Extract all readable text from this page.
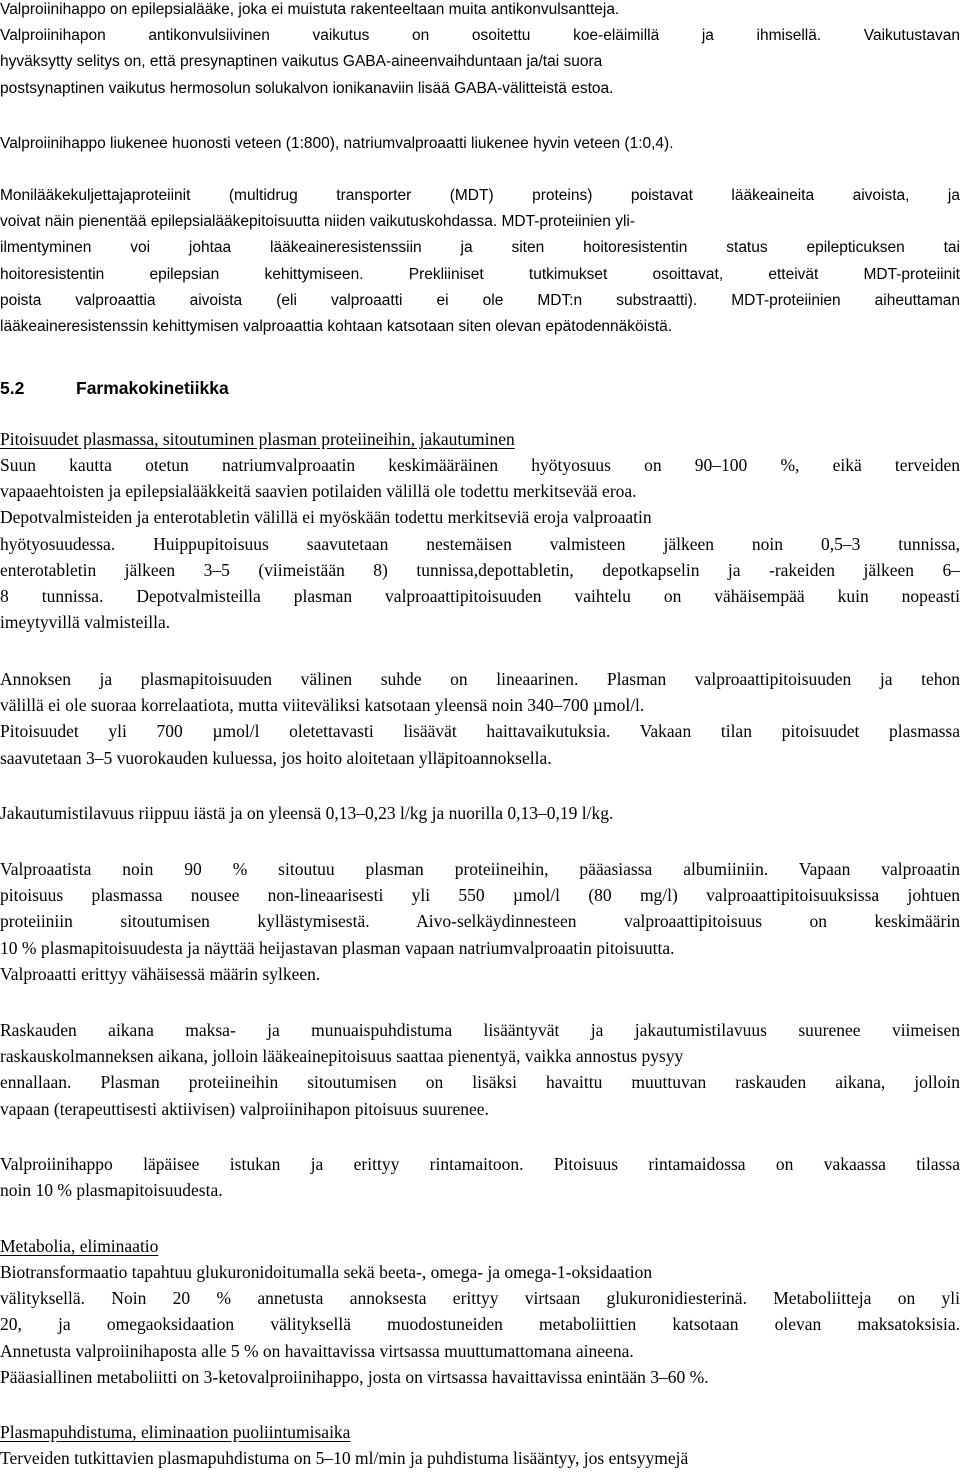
Valproiinihappo on epilepsialääke, joka ei muistuta rakenteeltaan muita antikonvulsantteja.
Valproiinihapon antikonvulsiivinen vaikutus on osoitettu koe-eläimillä ja ihmisellä. Vaikutustavan
hyväksytty selitys on, että presynaptinen vaikutus GABA-aineenvaihduntaan ja/tai suora
postsynaptinen vaikutus hermosolun solukalvon ionikanaviin lisää GABA-välitteistä estoa.
Valproiinihappo liukenee huonosti veteen (1:800), natriumvalproaatti liukenee hyvin veteen (1:0,4).
Monilääkekuljettajaproteiinit (multidrug transporter (MDT) proteins) poistavat lääkeaineita aivoista, ja
voivat näin pienentää epilepsialääkepitoisuutta niiden vaikutuskohdassa. MDT-proteiinien yli-
ilmentyminen voi johtaa lääkeaineresistenssiin ja siten hoitoresistentin status epilepticuksen tai
hoitoresistentin epilepsian kehittymiseen. Prekliiniset tutkimukset osoittavat, etteivät MDT-proteiinit
poista valproaattia aivoista (eli valproaatti ei ole MDT:n substraatti). MDT-proteiinien aiheuttaman
lääkeaineresistenssin kehittymisen valproaattia kohtaan katsotaan siten olevan epätodennäköistä.
5.2	Farmakokinetiikka
Pitoisuudet plasmassa, sitoutuminen plasman proteiineihin, jakautuminen
Suun kautta otetun natriumvalproaatin keskimääräinen hyötyosuus on 90–100 %, eikä terveiden
vapaaehtoisten ja epilepsialääkkeitä saavien potilaiden välillä ole todettu merkitsevää eroa.
Depotvalmisteiden ja enterotabletin välillä ei myöskään todettu merkitseviä eroja valproaatin
hyötyosuudessa. Huippupitoisuus saavutetaan nestemäisen valmisteen jälkeen noin 0,5–3 tunnissa,
enterotabletin jälkeen 3–5 (viimeistään 8) tunnissa,depottabletin, depotkapselin ja -rakeiden jälkeen 6–
8 tunnissa. Depotvalmisteilla plasman valproaattipitoisuuden vaihtelu on vähäisempää kuin nopeasti
imeytyvillä valmisteilla.
Annoksen ja plasmapitoisuuden välinen suhde on lineaarinen. Plasman valproaattipitoisuuden ja tehon
välillä ei ole suoraa korrelaatiota, mutta viiteväliksi katsotaan yleensä noin 340–700 µmol/l.
Pitoisuudet yli 700 µmol/l oletettavasti lisäävät haittavaikutuksia. Vakaan tilan pitoisuudet plasmassa
saavutetaan 3–5 vuorokauden kuluessa, jos hoito aloitetaan ylläpitoannoksella.
Jakautumistilavuus riippuu iästä ja on yleensä 0,13–0,23 l/kg ja nuorilla 0,13–0,19 l/kg.
Valproaatista noin 90 % sitoutuu plasman proteiineihin, pääasiassa albumiiniin. Vapaan valproaatin
pitoisuus plasmassa nousee non-lineaarisesti yli 550 µmol/l (80 mg/l) valproaattipitoisuuksissa johtuen
proteiiniin sitoutumisen kyllästymisestä. Aivo-selkäydinnesteen valproaattipitoisuus on keskimäärin
10 % plasmapitoisuudesta ja näyttää heijastavan plasman vapaan natriumvalproaatin pitoisuutta.
Valproaatti erittyy vähäisessä määrin sylkeen.
Raskauden aikana maksa- ja munuaispuhdistuma lisääntyvät ja jakautumistilavuus suurenee viimeisen
raskauskolmanneksen aikana, jolloin lääkeainepitoisuus saattaa pienentyä, vaikka annostus pysyy
ennallaan. Plasman proteiineihin sitoutumisen on lisäksi havaittu muuttuvan raskauden aikana, jolloin
vapaan (terapeuttisesti aktiivisen) valproiinihapon pitoisuus suurenee.
Valproiinihappo läpäisee istukan ja erittyy rintamaitoon. Pitoisuus rintamaidossa on vakaassa tilassa
noin 10 % plasmapitoisuudesta.
Metabolia, eliminaatio
Biotransformaatio tapahtuu glukuronidoitumalla sekä beeta-, omega- ja omega-1-oksidaation
välityksellä. Noin 20 % annetusta annoksesta erittyy virtsaan glukuronidiesterinä. Metaboliitteja on yli
20, ja omegaoksidaation välityksellä muodostuneiden metaboliittien katsotaan olevan maksatoksisia.
Annetusta valproiinihaposta alle 5 % on havaittavissa virtsassa muuttumattomana aineena.
Pääasiallinen metaboliitti on 3-ketovalproiinihappo, josta on virtsassa havaittavissa enintään 3–60 %.
Plasmapuhdistuma, eliminaation puoliintumisaika
Terveiden tutkittavien plasmapuhdistuma on 5–10 ml/min ja puhdistuma lisääntyy, jos entsyymejä
